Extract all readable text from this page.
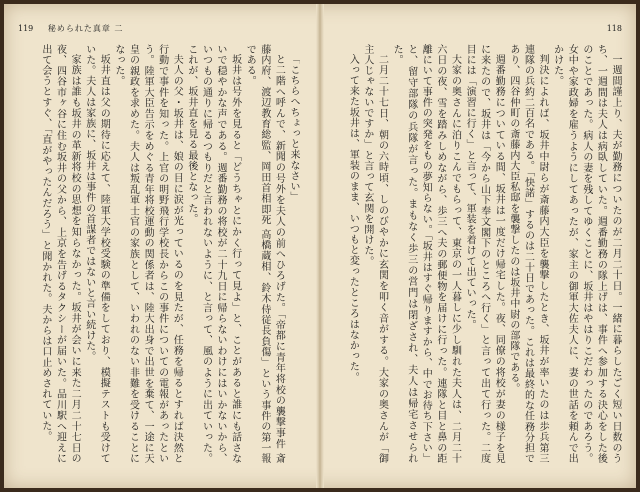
119 秘められた真章 二

「こちらへちょっと来なさい」

と二階へ呼んで、新聞の号外を夫人の前へひろげた。「帝都に青年将校の襲撃事件 斎藤内府、渡辺教育総監、岡田首相即死 高橋蔵相、鈴木侍従長負傷」という事件の第一報である。

坂井は号外を見ると「どうちゃとにかく行って見よ」と、ことがあると誰にも話さないで穏やかな声である。週番勤務の将校が二十九日に帰らないわけにはいかないから、いつもの通りに帰るつもりだと言われないように、と言って、風のように出ていった。これが、坂井直を見る最後となった。

夫人の父・坂井は、娘の目に涙が光っているのを見たが、任務を帰るとすれば決然と行動で事件を知った。上官の明野飛行学校長からこの事件についての電報があったという。陸軍大臣告示をめぐる青年将校運動の関係者は、陸大出身で出世を棄て、一途に天皇の親政を求めた。夫人は叛乱軍士官の家族として、いわれのない非難を受けることになった。

坂井直は父の期待に応えて、陸軍大学校受験の準備をしており、模擬テストも受けていた。夫人は家族に、坂井は事件の首謀者ではないと言い続けた。

家族は誰も坂井の革新将校の思想を知らなかった。坂井が会いに来た二月二十七日の夜、四谷市ヶ谷に住む坂井の父から、上京を告げるタクシーが届いた。品川駅へ迎えに出て会うとすぐ、「直がやったんだろう」と聞かれた。夫からは口止めされていた。

118

一週間謹上り、夫が勤務についたのが二月二十日。一緒に暮らしたごく短い日数のうち、一週間は夫人は病臥していた。週番勤務の隊上げは、事件へ参加する決心をした後のことであった。病人の妻を残してゆくことに、坂井はやはりこだわったのであろう。女中や家政婦を雇うようにしてあったが、家主の御軍大佐夫人に、妻の世話を頼んで出かけた。

判決によれば、坂井中尉らが斎藤内大臣を襲撃したとき、坂井が率いたのは歩兵第三連隊の兵約二百名である。「快諾」するのは二十日であった。これは最終的な任務分担であり、四谷仲町の斎藤内大臣私邸を襲撃したのは坂井中尉の部隊である。

週番勤務についている間、坂井は一度だけ帰宅した。夜、同僚の将校が妻の様子を見に来たので、坂井は「今から山下奉文閣下のところへ行く」と言って出て行った。二度目には「演習に行く」と言って、軍装を着けて出ていった。

大家の奥さんに泊りこんでもらって、東京の一人暮しに少し馴れた夫人は、二月二十六日の夜、雪を踏みしめながら、歩三へ夫の郵便物を届けに行った。連隊と目と鼻の距離にいて事件の突発をもの夢知らない。「坂井はすぐ帰りますから、中でお待ち下さい」と、留守部隊の兵隊が言った。まもなく歩三の営門は閉ざされ、夫人は帰宅させられた。

二月二十七日、朝の六時頃、しのびやかに玄関を叩く音がする。大家の奥さんが「御主人じゃないですか」と言って玄関を開けた。

入って来た坂井は、軍装のまま、いつもと変ったところはなかった。
